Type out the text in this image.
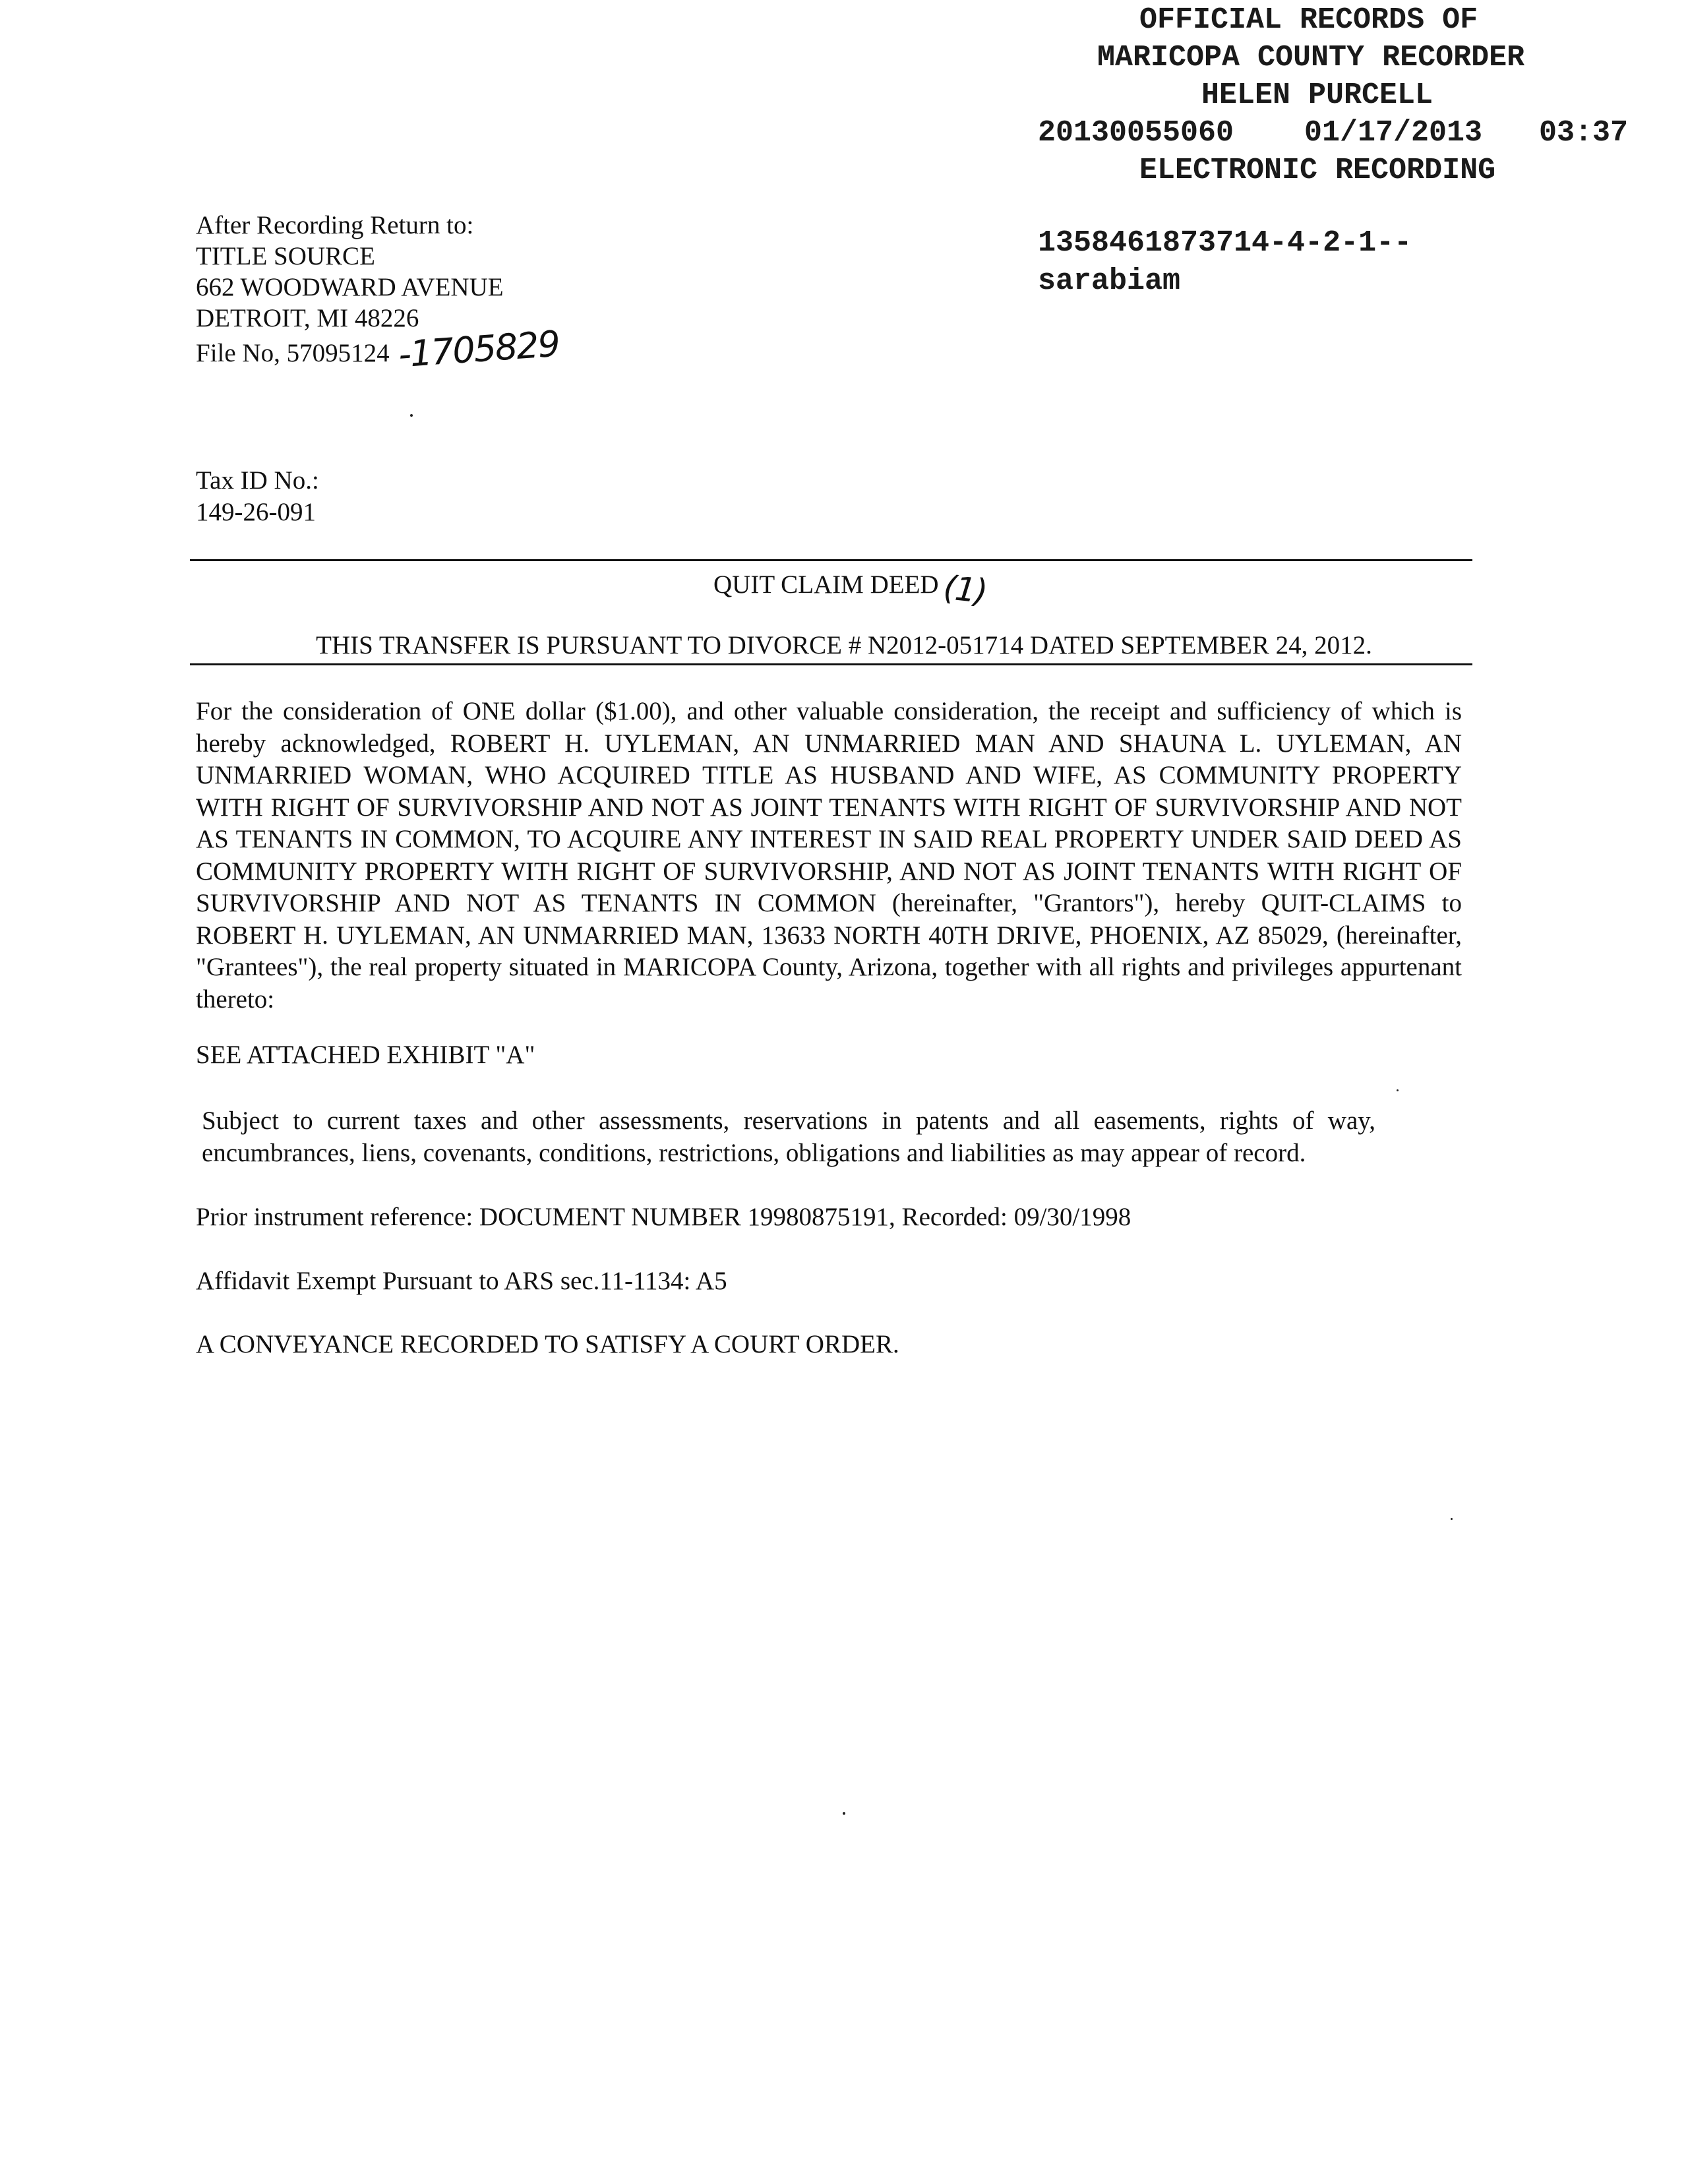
OFFICIAL RECORDS OF

MARICOPA COUNTY RECORDER

HELEN PURCELL

20130055060

01/17/2013

03:37

ELECTRONIC RECORDING

1358461873714-4-2-1--

sarabiam

After Recording Return to:
TITLE SOURCE
662 WOODWARD AVENUE
DETROIT, MI 48226
File No, 57095124 -1705829
Tax ID No.:
149-26-091
QUIT CLAIM DEED (1)
THIS TRANSFER IS PURSUANT TO DIVORCE # N2012-051714 DATED SEPTEMBER 24, 2012.
For the consideration of ONE dollar ($1.00), and other valuable consideration, the receipt and sufficiency of which is hereby acknowledged, ROBERT H. UYLEMAN, AN UNMARRIED MAN AND SHAUNA L. UYLEMAN, AN UNMARRIED WOMAN, WHO ACQUIRED TITLE AS HUSBAND AND WIFE, AS COMMUNITY PROPERTY WITH RIGHT OF SURVIVORSHIP AND NOT AS JOINT TENANTS WITH RIGHT OF SURVIVORSHIP AND NOT AS TENANTS IN COMMON, TO ACQUIRE ANY INTEREST IN SAID REAL PROPERTY UNDER SAID DEED AS COMMUNITY PROPERTY WITH RIGHT OF SURVIVORSHIP, AND NOT AS JOINT TENANTS WITH RIGHT OF SURVIVORSHIP AND NOT AS TENANTS IN COMMON (hereinafter, "Grantors"), hereby QUIT-CLAIMS to ROBERT H. UYLEMAN, AN UNMARRIED MAN, 13633 NORTH 40TH DRIVE, PHOENIX, AZ 85029, (hereinafter, "Grantees"), the real property situated in MARICOPA County, Arizona, together with all rights and privileges appurtenant thereto:
SEE ATTACHED EXHIBIT "A"
Subject to current taxes and other assessments, reservations in patents and all easements, rights of way, encumbrances, liens, covenants, conditions, restrictions, obligations and liabilities as may appear of record.
Prior instrument reference: DOCUMENT NUMBER 19980875191, Recorded: 09/30/1998
Affidavit Exempt Pursuant to ARS sec.11-1134: A5
A CONVEYANCE RECORDED TO SATISFY A COURT ORDER.
